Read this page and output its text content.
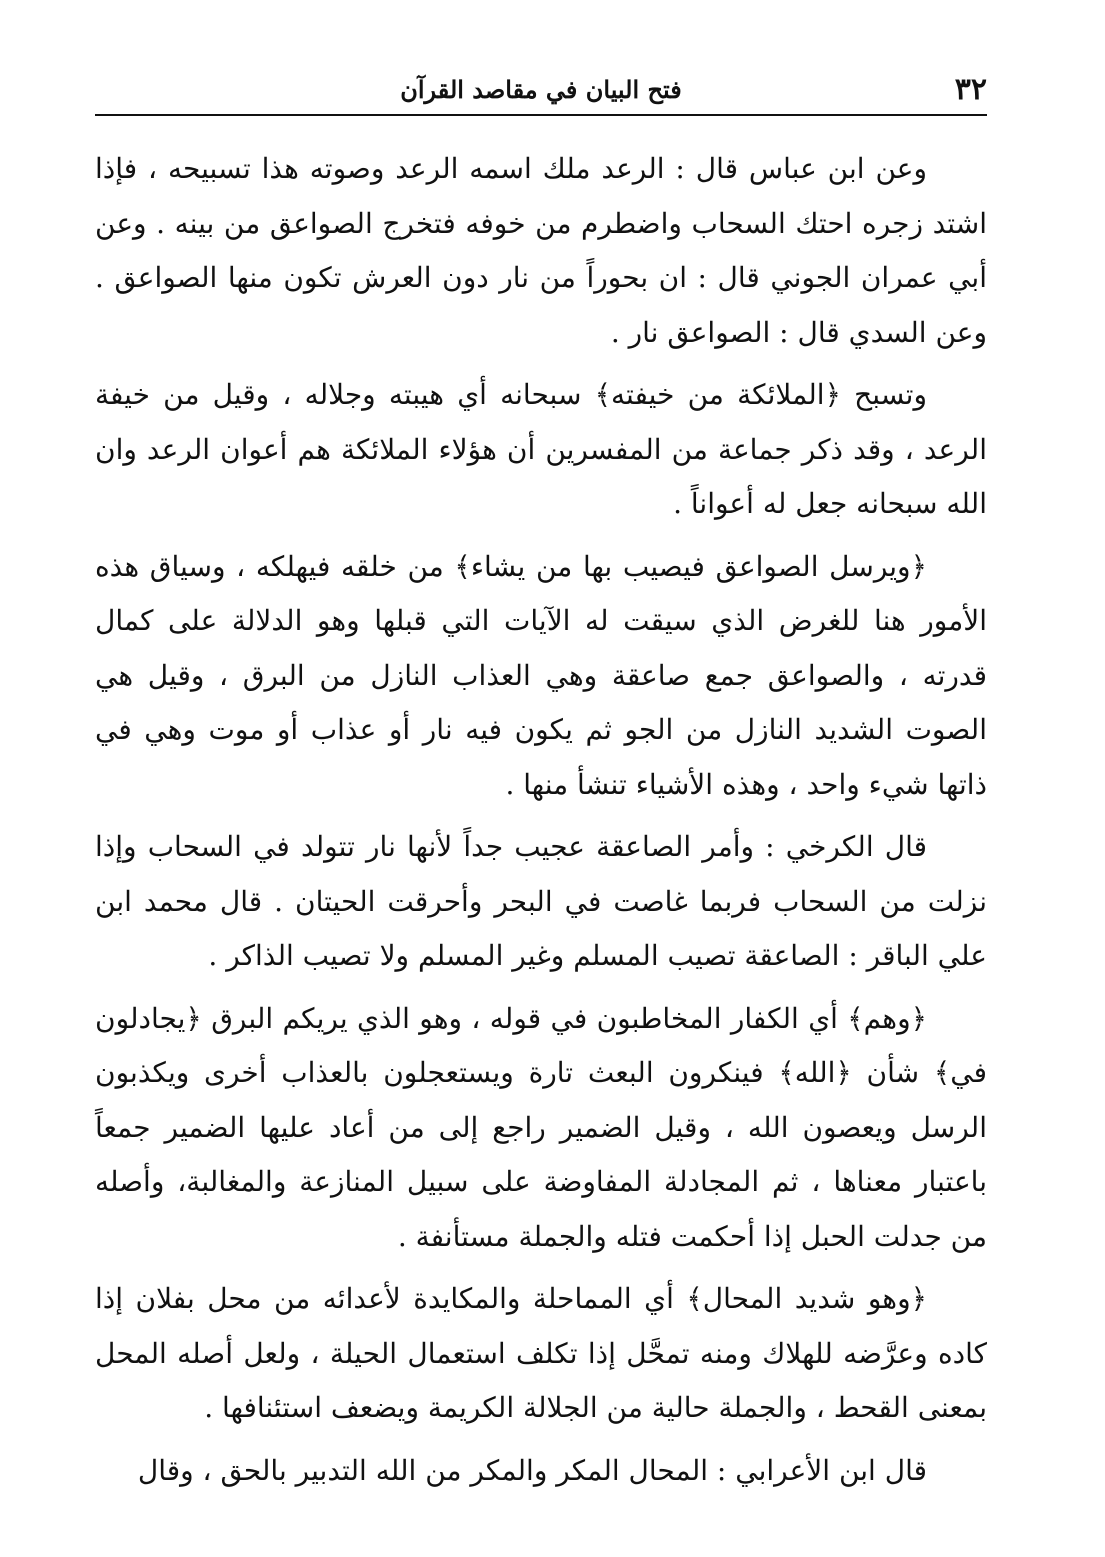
٣٢
فتح البيان في مقاصد القرآن

وعن ابن عباس قال : الرعد ملك اسمه الرعد وصوته هذا تسبيحه ، فإذا اشتد زجره احتك السحاب واضطرم من خوفه فتخرج الصواعق من بينه . وعن أبي عمران الجوني قال : ان بحوراً من نار دون العرش تكون منها الصواعق . وعن السدي قال : الصواعق نار .

وتسبح ﴿الملائكة من خيفته﴾ سبحانه أي هيبته وجلاله ، وقيل من خيفة الرعد ، وقد ذكر جماعة من المفسرين أن هؤلاء الملائكة هم أعوان الرعد وان الله سبحانه جعل له أعواناً .

﴿ويرسل الصواعق فيصيب بها من يشاء﴾ من خلقه فيهلكه ، وسياق هذه الأمور هنا للغرض الذي سيقت له الآيات التي قبلها وهو الدلالة على كمال قدرته ، والصواعق جمع صاعقة وهي العذاب النازل من البرق ، وقيل هي الصوت الشديد النازل من الجو ثم يكون فيه نار أو عذاب أو موت وهي في ذاتها شيء واحد ، وهذه الأشياء تنشأ منها .

قال الكرخي : وأمر الصاعقة عجيب جداً لأنها نار تتولد في السحاب وإذا نزلت من السحاب فربما غاصت في البحر وأحرقت الحيتان . قال محمد ابن علي الباقر : الصاعقة تصيب المسلم وغير المسلم ولا تصيب الذاكر .

﴿وهم﴾ أي الكفار المخاطبون في قوله ، وهو الذي يريكم البرق ﴿يجادلون في﴾ شأن ﴿الله﴾ فينكرون البعث تارة ويستعجلون بالعذاب أخرى ويكذبون الرسل ويعصون الله ، وقيل الضمير راجع إلى من أعاد عليها الضمير جمعاً باعتبار معناها ، ثم المجادلة المفاوضة على سبيل المنازعة والمغالبة، وأصله من جدلت الحبل إذا أحكمت فتله والجملة مستأنفة .

﴿وهو شديد المحال﴾ أي المماحلة والمكايدة لأعدائه من محل بفلان إذا كاده وعرَّضه للهلاك ومنه تمحَّل إذا تكلف استعمال الحيلة ، ولعل أصله المحل بمعنى القحط ، والجملة حالية من الجلالة الكريمة ويضعف استئنافها .

قال ابن الأعرابي : المحال المكر والمكر من الله التدبير بالحق ، وقال
